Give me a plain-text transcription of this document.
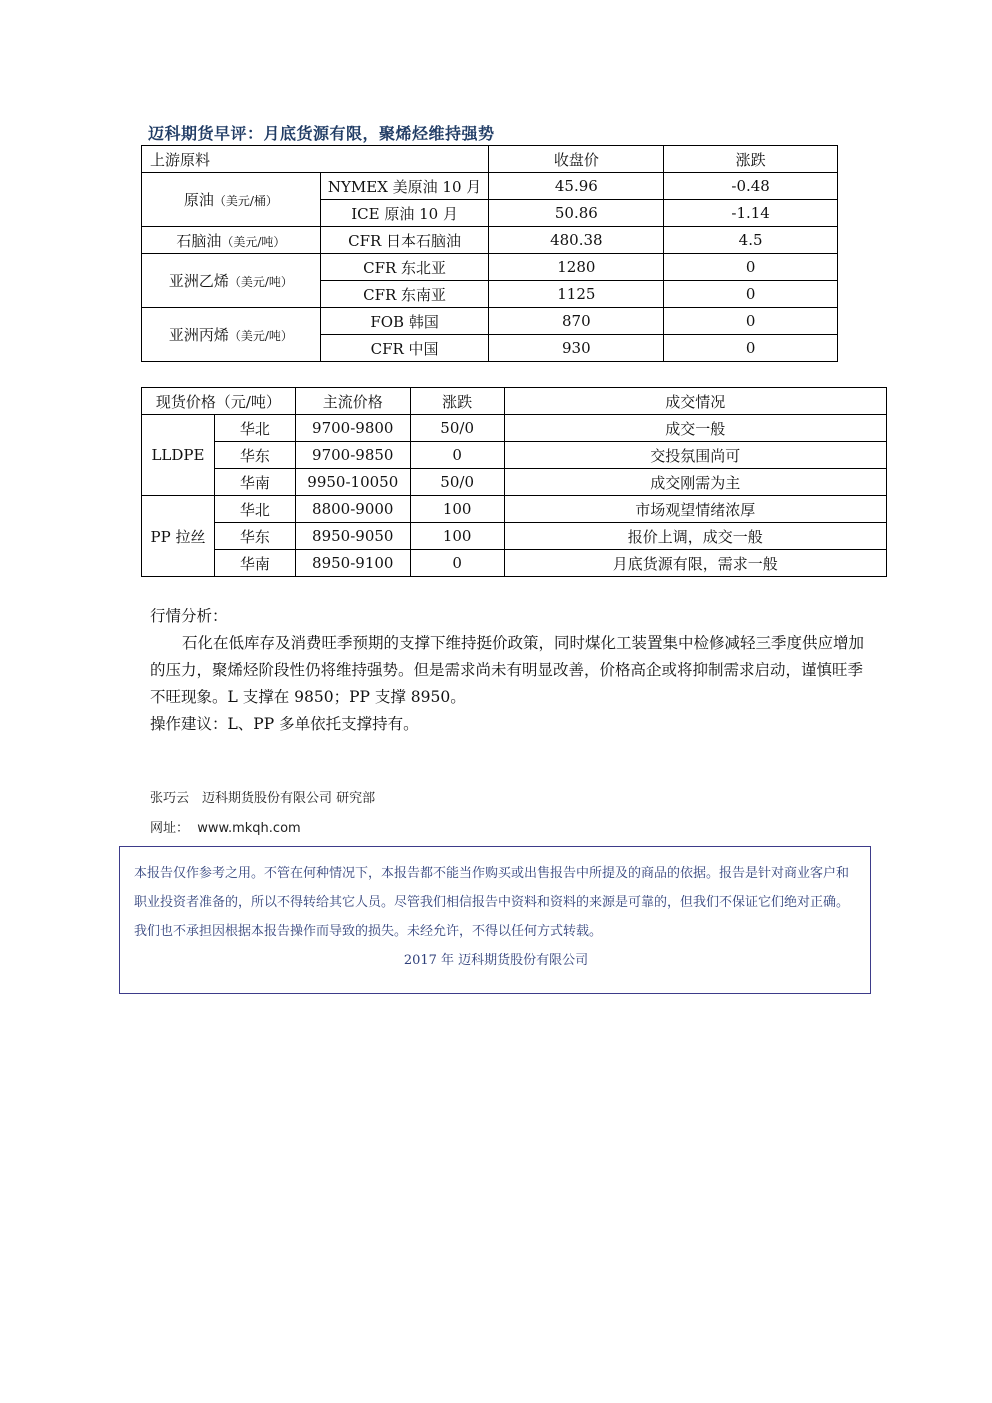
迈科期货早评：月底货源有限，聚烯烃维持强势
上游原料		收盘价	涨跌
原油（美元/桶）	NYMEX 美原油 10 月	45.96	-0.48
	ICE 原油 10 月	50.86	-1.14
石脑油（美元/吨）	CFR 日本石脑油	480.38	4.5
亚洲乙烯（美元/吨）	CFR 东北亚	1280	0
	CFR 东南亚	1125	0
亚洲丙烯（美元/吨）	FOB 韩国	870	0
	CFR 中国	930	0
现货价格（元/吨）		主流价格	涨跌	成交情况
LLDPE	华北	9700-9800	50/0	成交一般
	华东	9700-9850	0	交投氛围尚可
	华南	9950-10050	50/0	成交刚需为主
PP 拉丝	华北	8800-9000	100	市场观望情绪浓厚
	华东	8950-9050	100	报价上调，成交一般
	华南	8950-9100	0	月底货源有限，需求一般

行情分析：

石化在低库存及消费旺季预期的支撑下维持挺价政策，同时煤化工装置集中检修减轻三季度供应增加的压力，聚烯烃阶段性仍将维持强势。但是需求尚未有明显改善，价格高企或将抑制需求启动，谨慎旺季不旺现象。L 支撑在 9850；PP 支撑 8950。

操作建议：L、PP 多单依托支撑持有。

张巧云　迈科期货股份有限公司 研究部
网址： www.mkqh.com
本报告仅作参考之用。不管在何种情况下，本报告都不能当作购买或出售报告中所提及的商品的依据。报告是针对商业客户和职业投资者准备的，所以不得转给其它人员。尽管我们相信报告中资料和资料的来源是可靠的，但我们不保证它们绝对正确。我们也不承担因根据本报告操作而导致的损失。未经允许，不得以任何方式转载。
2017 年 迈科期货股份有限公司
